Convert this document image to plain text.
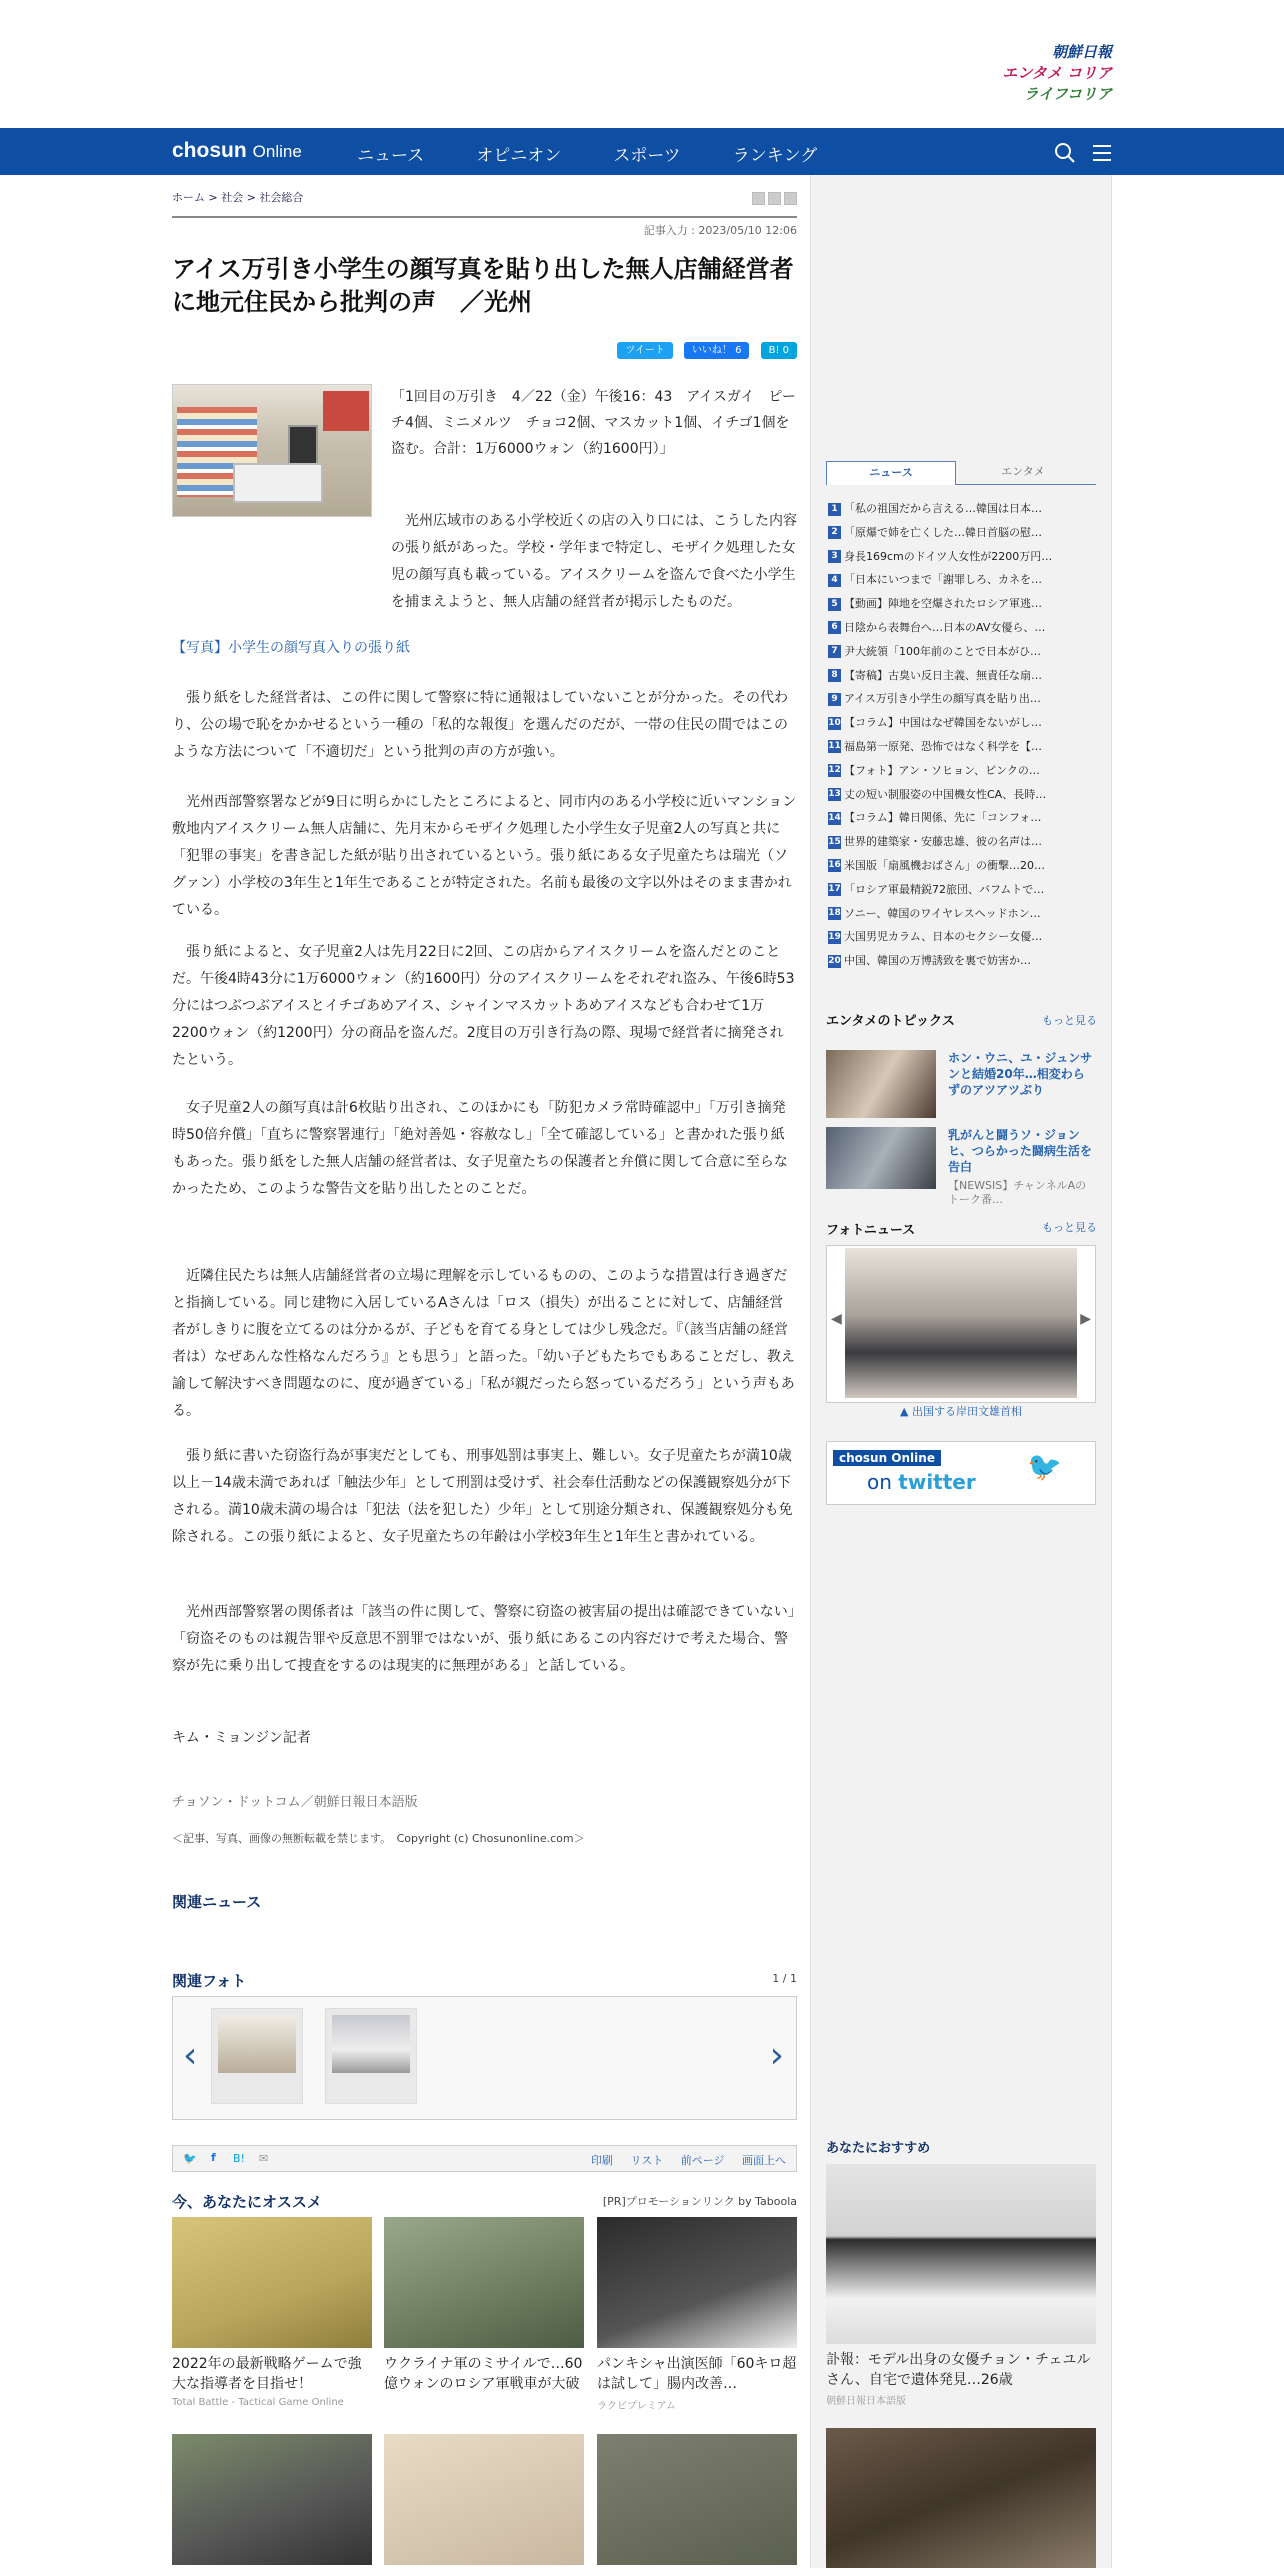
朝鮮日報
エンタメ コリア
ライフコリア
chosun Online	ニュース	オピニオン	スポーツ	ランキング

ホーム > 社会 > 社会総合
記事入力 : 2023/05/10 12:06
アイス万引き小学生の顔写真を貼り出した無人店舗経営者に地元住民から批判の声　／光州
ツイート	いいね！ 6	B! 0
「1回目の万引き　4／22（金）午後16：43　アイスガイ　ピーチ4個、ミニメルツ　チョコ2個、マスカット1個、イチゴ1個を盗む。合計：1万6000ウォン（約1600円）」

光州広域市のある小学校近くの店の入り口には、こうした内容の張り紙があった。学校・学年まで特定し、モザイク処理した女児の顔写真も載っている。アイスクリームを盗んで食べた小学生を捕まえようと、無人店舗の経営者が掲示したものだ。

【写真】小学生の顔写真入りの張り紙

張り紙をした経営者は、この件に関して警察に特に通報はしていないことが分かった。その代わり、公の場で恥をかかせるという一種の「私的な報復」を選んだのだが、一帯の住民の間ではこのような方法について「不適切だ」という批判の声の方が強い。

光州西部警察署などが9日に明らかにしたところによると、同市内のある小学校に近いマンション敷地内アイスクリーム無人店舗に、先月末からモザイク処理した小学生女子児童2人の写真と共に「犯罪の事実」を書き記した紙が貼り出されているという。張り紙にある女子児童たちは瑞光（ソグァン）小学校の3年生と1年生であることが特定された。名前も最後の文字以外はそのまま書かれている。

張り紙によると、女子児童2人は先月22日に2回、この店からアイスクリームを盗んだとのことだ。午後4時43分に1万6000ウォン（約1600円）分のアイスクリームをそれぞれ盗み、午後6時53分にはつぶつぶアイスとイチゴあめアイス、シャインマスカットあめアイスなども合わせて1万2200ウォン（約1200円）分の商品を盗んだ。2度目の万引き行為の際、現場で経営者に摘発されたという。

女子児童2人の顔写真は計6枚貼り出され、このほかにも「防犯カメラ常時確認中」「万引き摘発時50倍弁償」「直ちに警察署連行」「絶対善処・容赦なし」「全て確認している」と書かれた張り紙もあった。張り紙をした無人店舗の経営者は、女子児童たちの保護者と弁償に関して合意に至らなかったため、このような警告文を貼り出したとのことだ。

近隣住民たちは無人店舗経営者の立場に理解を示しているものの、このような措置は行き過ぎだと指摘している。同じ建物に入居しているAさんは「ロス（損失）が出ることに対して、店舗経営者がしきりに腹を立てるのは分かるが、子どもを育てる身としては少し残念だ。『（該当店舗の経営者は）なぜあんな性格なんだろう』とも思う」と語った。「幼い子どもたちでもあることだし、教え諭して解決すべき問題なのに、度が過ぎている」「私が親だったら怒っているだろう」という声もある。

張り紙に書いた窃盗行為が事実だとしても、刑事処罰は事実上、難しい。女子児童たちが満10歳以上－14歳未満であれば「触法少年」として刑罰は受けず、社会奉仕活動などの保護観察処分が下される。満10歳未満の場合は「犯法（法を犯した）少年」として別途分類され、保護観察処分も免除される。この張り紙によると、女子児童たちの年齢は小学校3年生と1年生と書かれている。

光州西部警察署の関係者は「該当の件に関して、警察に窃盗の被害届の提出は確認できていない」「窃盗そのものは親告罪や反意思不罰罪ではないが、張り紙にあるこの内容だけで考えた場合、警察が先に乗り出して捜査をするのは現実的に無理がある」と話している。

キム・ミョンジン記者
チョソン・ドットコム／朝鮮日報日本語版
＜記事、写真、画像の無断転載を禁じます。　Copyright (c) Chosunonline.com＞
関連ニュース
関連フォト	1 / 1
‹	›
🐦 f B! ✉	印刷 リスト 前ページ 画面上へ
今、あなたにオススメ	[PR]プロモーションリンク by Taboola
2022年の最新戦略ゲームで強大な指導者を目指せ！
Total Battle - Tactical Game Online
ウクライナ軍のミサイルで…60億ウォンのロシア軍戦車が大破
パンキシャ出演医師「60キロ超は試して」腸内改善…
ラクビプレミアム
ニュース	エンタメ
1 「私の祖国だから言える…韓国は日本…
2 「原爆で姉を亡くした…韓日首脳の慰…
3 身長169cmのドイツ人女性が2200万円…
4 「日本にいつまで「謝罪しろ、カネを…
5 【動画】陣地を空爆されたロシア軍逃…
6 日陰から表舞台へ…日本のAV女優ら、…
7 尹大統領「100年前のことで日本がひ…
8 【寄稿】古臭い反日主義、無責任な扇…
9 アイス万引き小学生の顔写真を貼り出…
10 【コラム】中国はなぜ韓国をないがし…
11 福島第一原発、恐怖ではなく科学を【…
12 【フォト】アン・ソヒョン、ピンクの…
13 丈の短い制服姿の中国機女性CA、長時…
14 【コラム】韓日関係、先に「コンフォ…
15 世界的建築家・安藤忠雄、彼の名声は…
16 米国版「扇風機おばさん」の衝撃…20…
17 「ロシア軍最精鋭72旅団、バフムトで…
18 ソニー、韓国のワイヤレスヘッドホン…
19 大国男児カラム、日本のセクシー女優…
20 中国、韓国の万博誘致を裏で妨害か…
エンタメのトピックス	もっと見る
ホン・ウニ、ユ・ジュンサンと結婚20年…相変わらずのアツアツぶり
乳がんと闘うソ・ジョンヒ、つらかった闘病生活を告白
【NEWSIS】チャンネルAのトーク番…
フォトニュース	もっと見る
◀	▶
▲ 出国する岸田文雄首相
chosun Online
on twitter 🐦
あなたにおすすめ
訃報：モデル出身の女優チョン・チェユルさん、自宅で遺体発見…26歳
朝鮮日報日本語版
